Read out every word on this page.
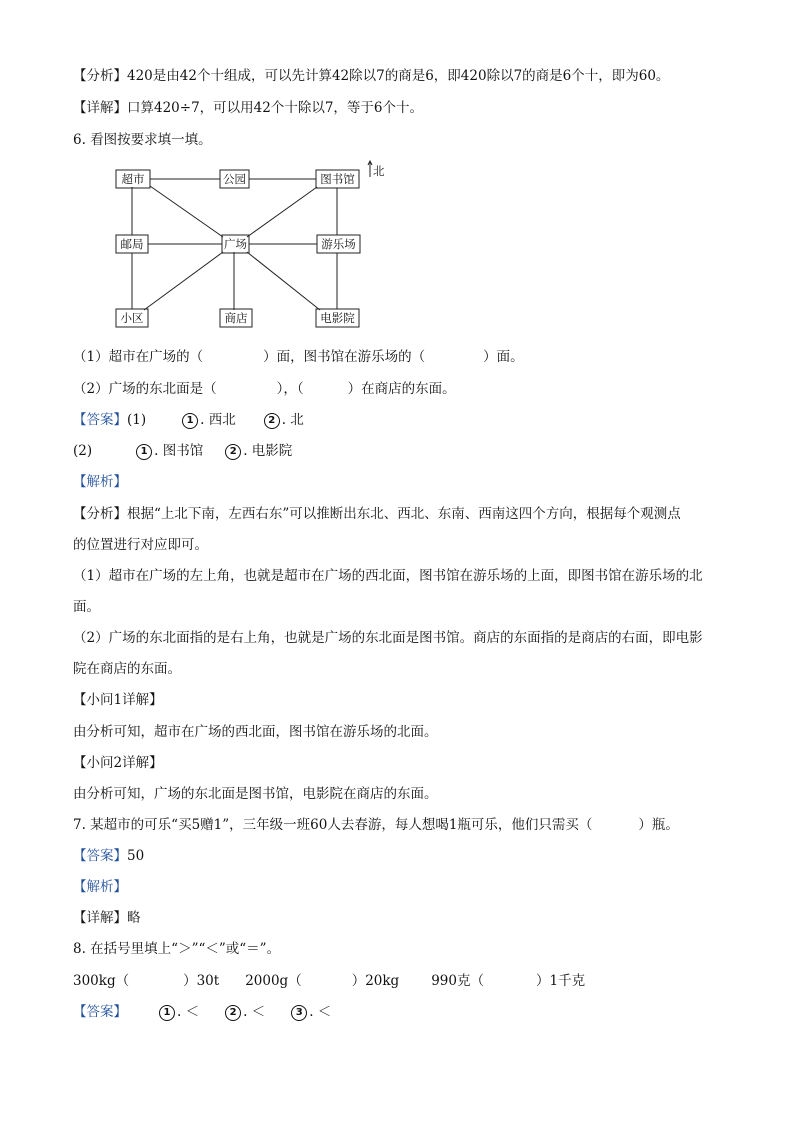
【分析】420是由42个十组成，可以先计算42除以7的商是6，即420除以7的商是6个十，即为60。
【详解】口算420÷7，可以用42个十除以7，等于6个十。
6. 看图按要求填一填。
超市	公园	图书馆
邮局	广场	游乐场
小区	商店	电影院
北
（1）超市在广场的（	）面，图书馆在游乐场的（	）面。
（2）广场的东北面是（	），（	）在商店的东面。
【答案】(1)	1 . 西北	2 . 北
(2)	1 . 图书馆	2 . 电影院
【解析】
【分析】根据“上北下南，左西右东”可以推断出东北、西北、东南、西南这四个方向，根据每个观测点
的位置进行对应即可。
（1）超市在广场的左上角，也就是超市在广场的西北面，图书馆在游乐场的上面，即图书馆在游乐场的北
面。
（2）广场的东北面指的是右上角，也就是广场的东北面是图书馆。商店的东面指的是商店的右面，即电影
院在商店的东面。
【小问1详解】
由分析可知，超市在广场的西北面，图书馆在游乐场的北面。
【小问2详解】
由分析可知，广场的东北面是图书馆，电影院在商店的东面。
7. 某超市的可乐“买5赠1”，三年级一班60人去春游，每人想喝1瓶可乐，他们只需买（	）瓶。
【答案】50
【解析】
【详解】略
8. 在括号里填上“＞”“＜”或“＝”。
300kg（	）30t 2000g（	）20kg 990克（	）1千克
【答案】	1 . ＜	2 . ＜	3 . ＜
